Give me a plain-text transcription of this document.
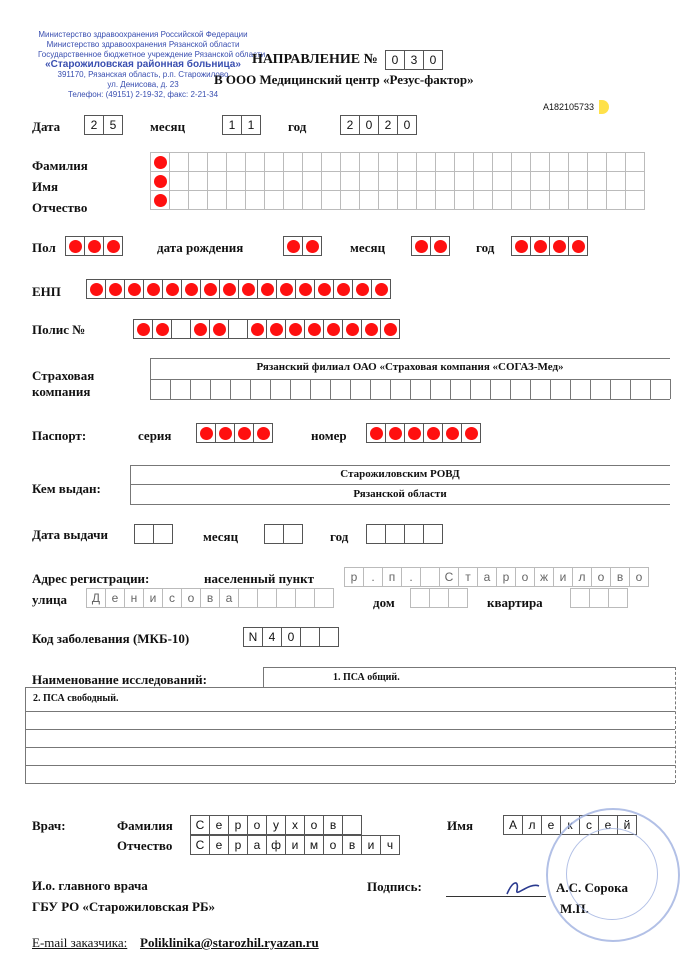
Министерство здравоохранения Российской Федерации
Министерство здравоохранения Рязанской области
Государственное бюджетное учреждение Рязанской области
«Старожиловская районная больница»
391170, Рязанская область, р.п. Старожилово
ул. Денисова, д. 23
Телефон: (49151) 2-19-32, факс: 2-21-34
НАПРАВЛЕНИЕ №	0	3	0
В ООО Медицинский центр «Резус-фактор»
A182105733
Дата	2	5	месяц	1	1	год	2	0	2	0
Фамилия
Имя
Отчество
Пол	дата рождения	месяц	год
ЕНП
Полис №
Страховая
компания
Рязанский филиал ОАО «Страховая компания «СОГАЗ-Мед»
Паспорт:	серия	номер
Кем выдан:
Старожиловским РОВД
Рязанской области
Дата выдачи	месяц	год
Адрес регистрации:	населенный пункт	р	.	п	.	С т	а	р	о ж и	л	о	в	о
улица	Д е	н	и	с	о	в	а	дом	квартира
Код заболевания (МКБ-10)	N 4	0
Наименование исследований:	1. ПСА общий.
2. ПСА свободный.
Врач:	Фамилия	С е	р	о	у	х	о	в	Имя	А л	е	к	с	е	й
Отчество	С е	р	а ф и м о	в	и	ч
И.о. главного врача
ГБУ РО «Старожиловская РБ»
Подпись:	А.С. Сорока
М.П.
E-mail заказчика: Poliklinika@starozhil.ryazan.ru
